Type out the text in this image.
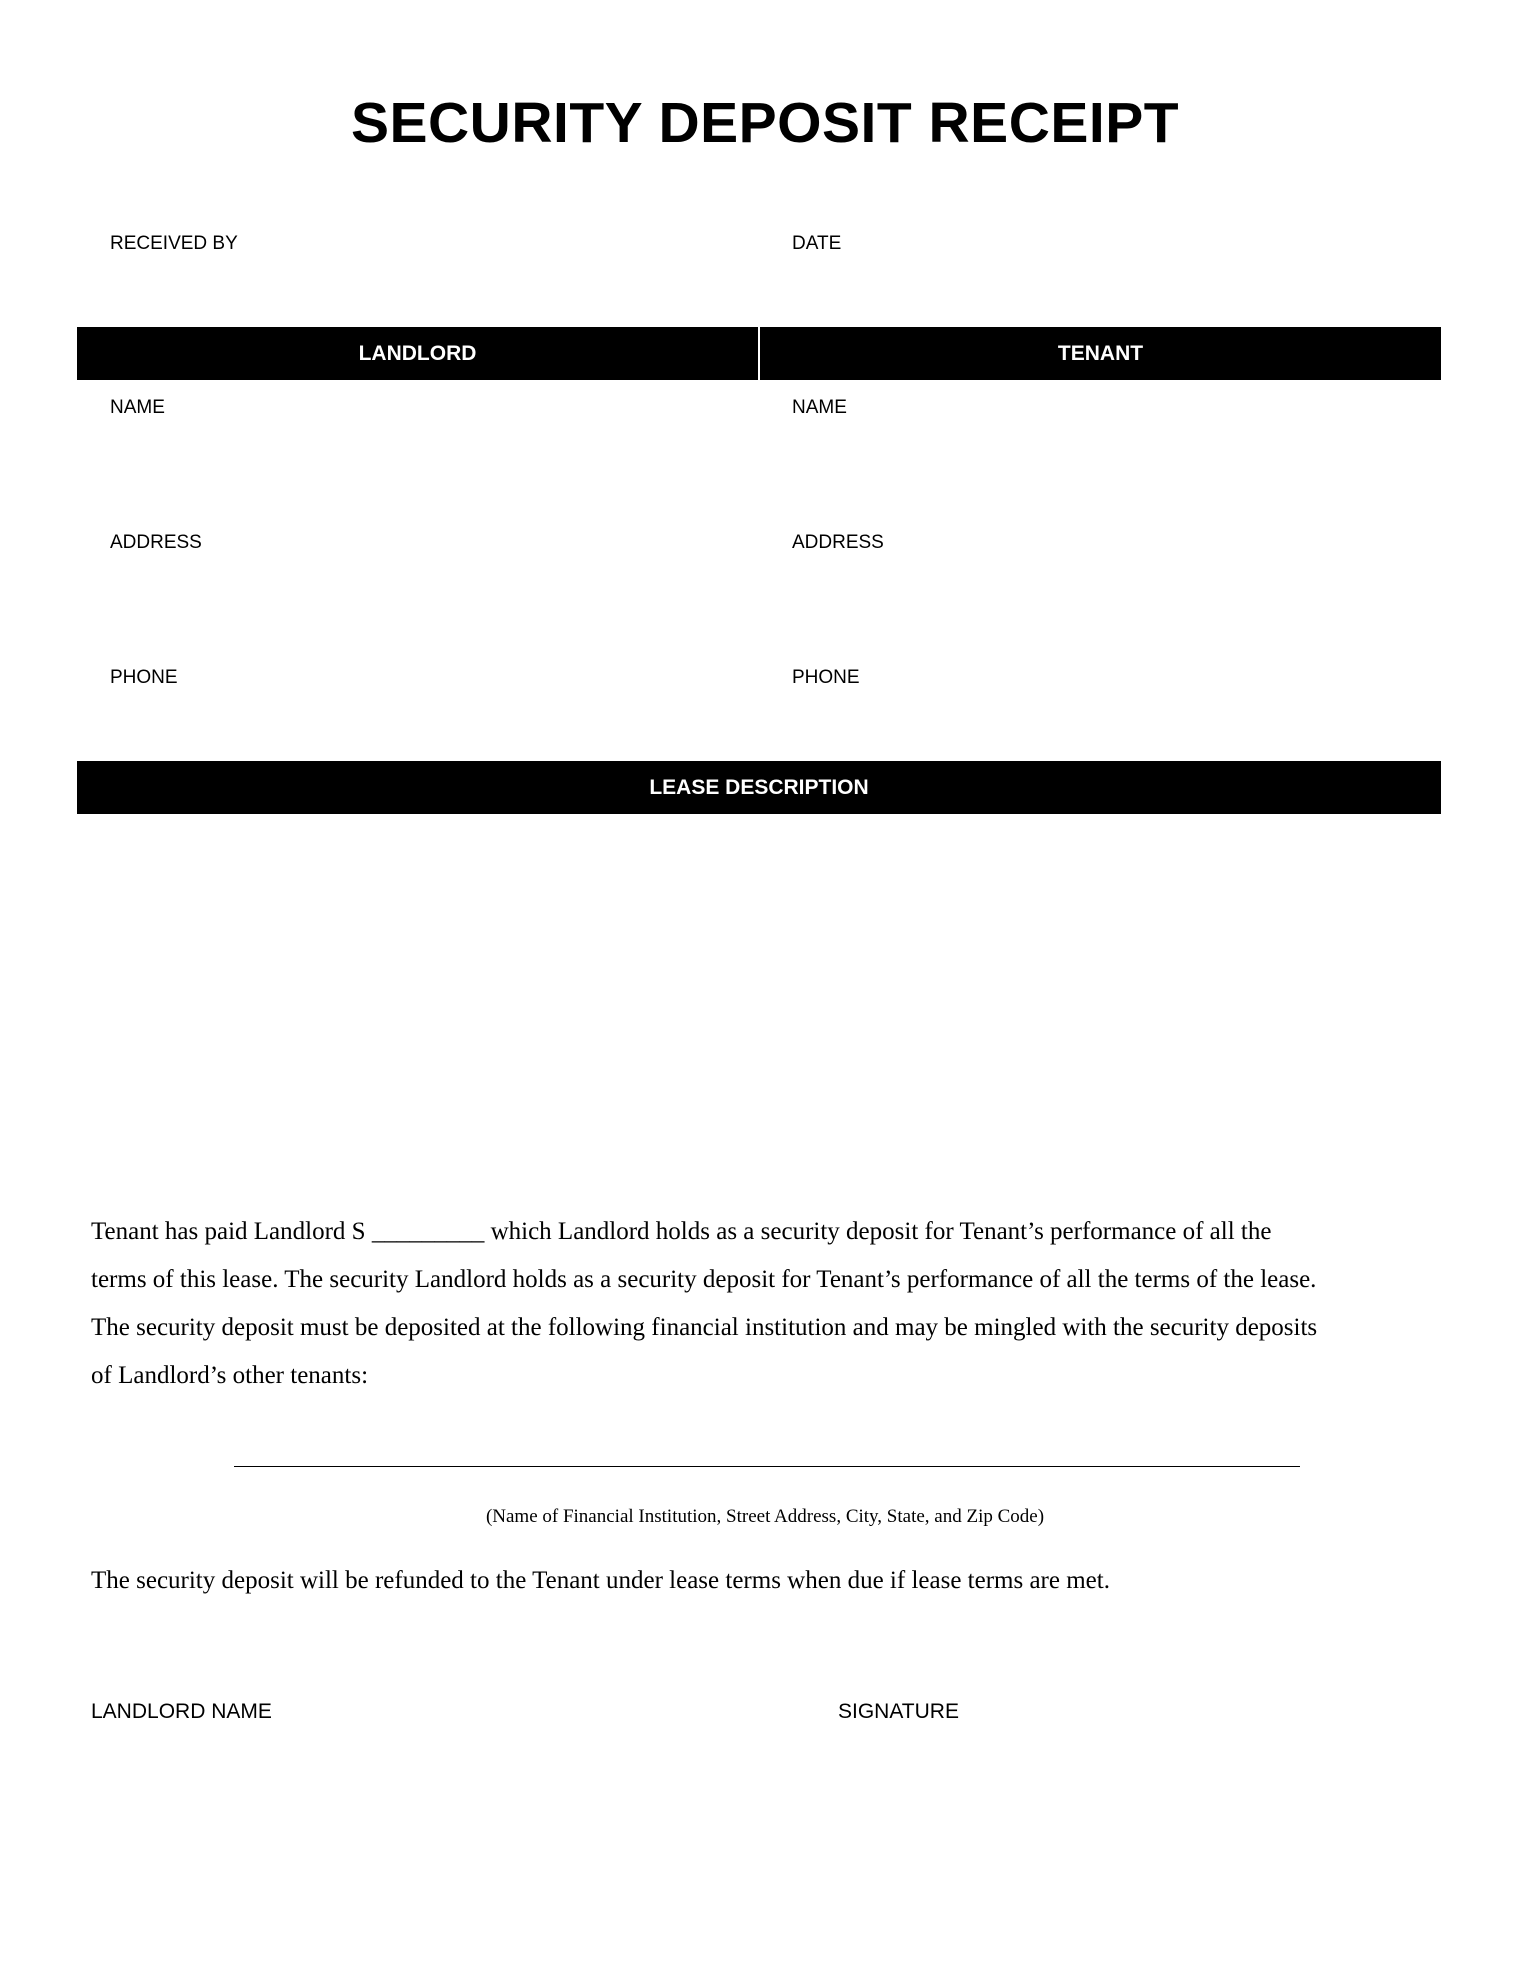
SECURITY DEPOSIT RECEIPT
RECEIVED BY	DATE
LANDLORD	TENANT
NAME	NAME
ADDRESS	ADDRESS
PHONE	PHONE
LEASE DESCRIPTION
Tenant has paid Landlord S _________ which Landlord holds as a security deposit for Tenant’s performance of all the
terms of this lease. The security Landlord holds as a security deposit for Tenant’s performance of all the terms of the lease.
The security deposit must be deposited at the following financial institution and may be mingled with the security deposits
of Landlord’s other tenants:
(Name of Financial Institution, Street Address, City, State, and Zip Code)
The security deposit will be refunded to the Tenant under lease terms when due if lease terms are met.
LANDLORD NAME	SIGNATURE
